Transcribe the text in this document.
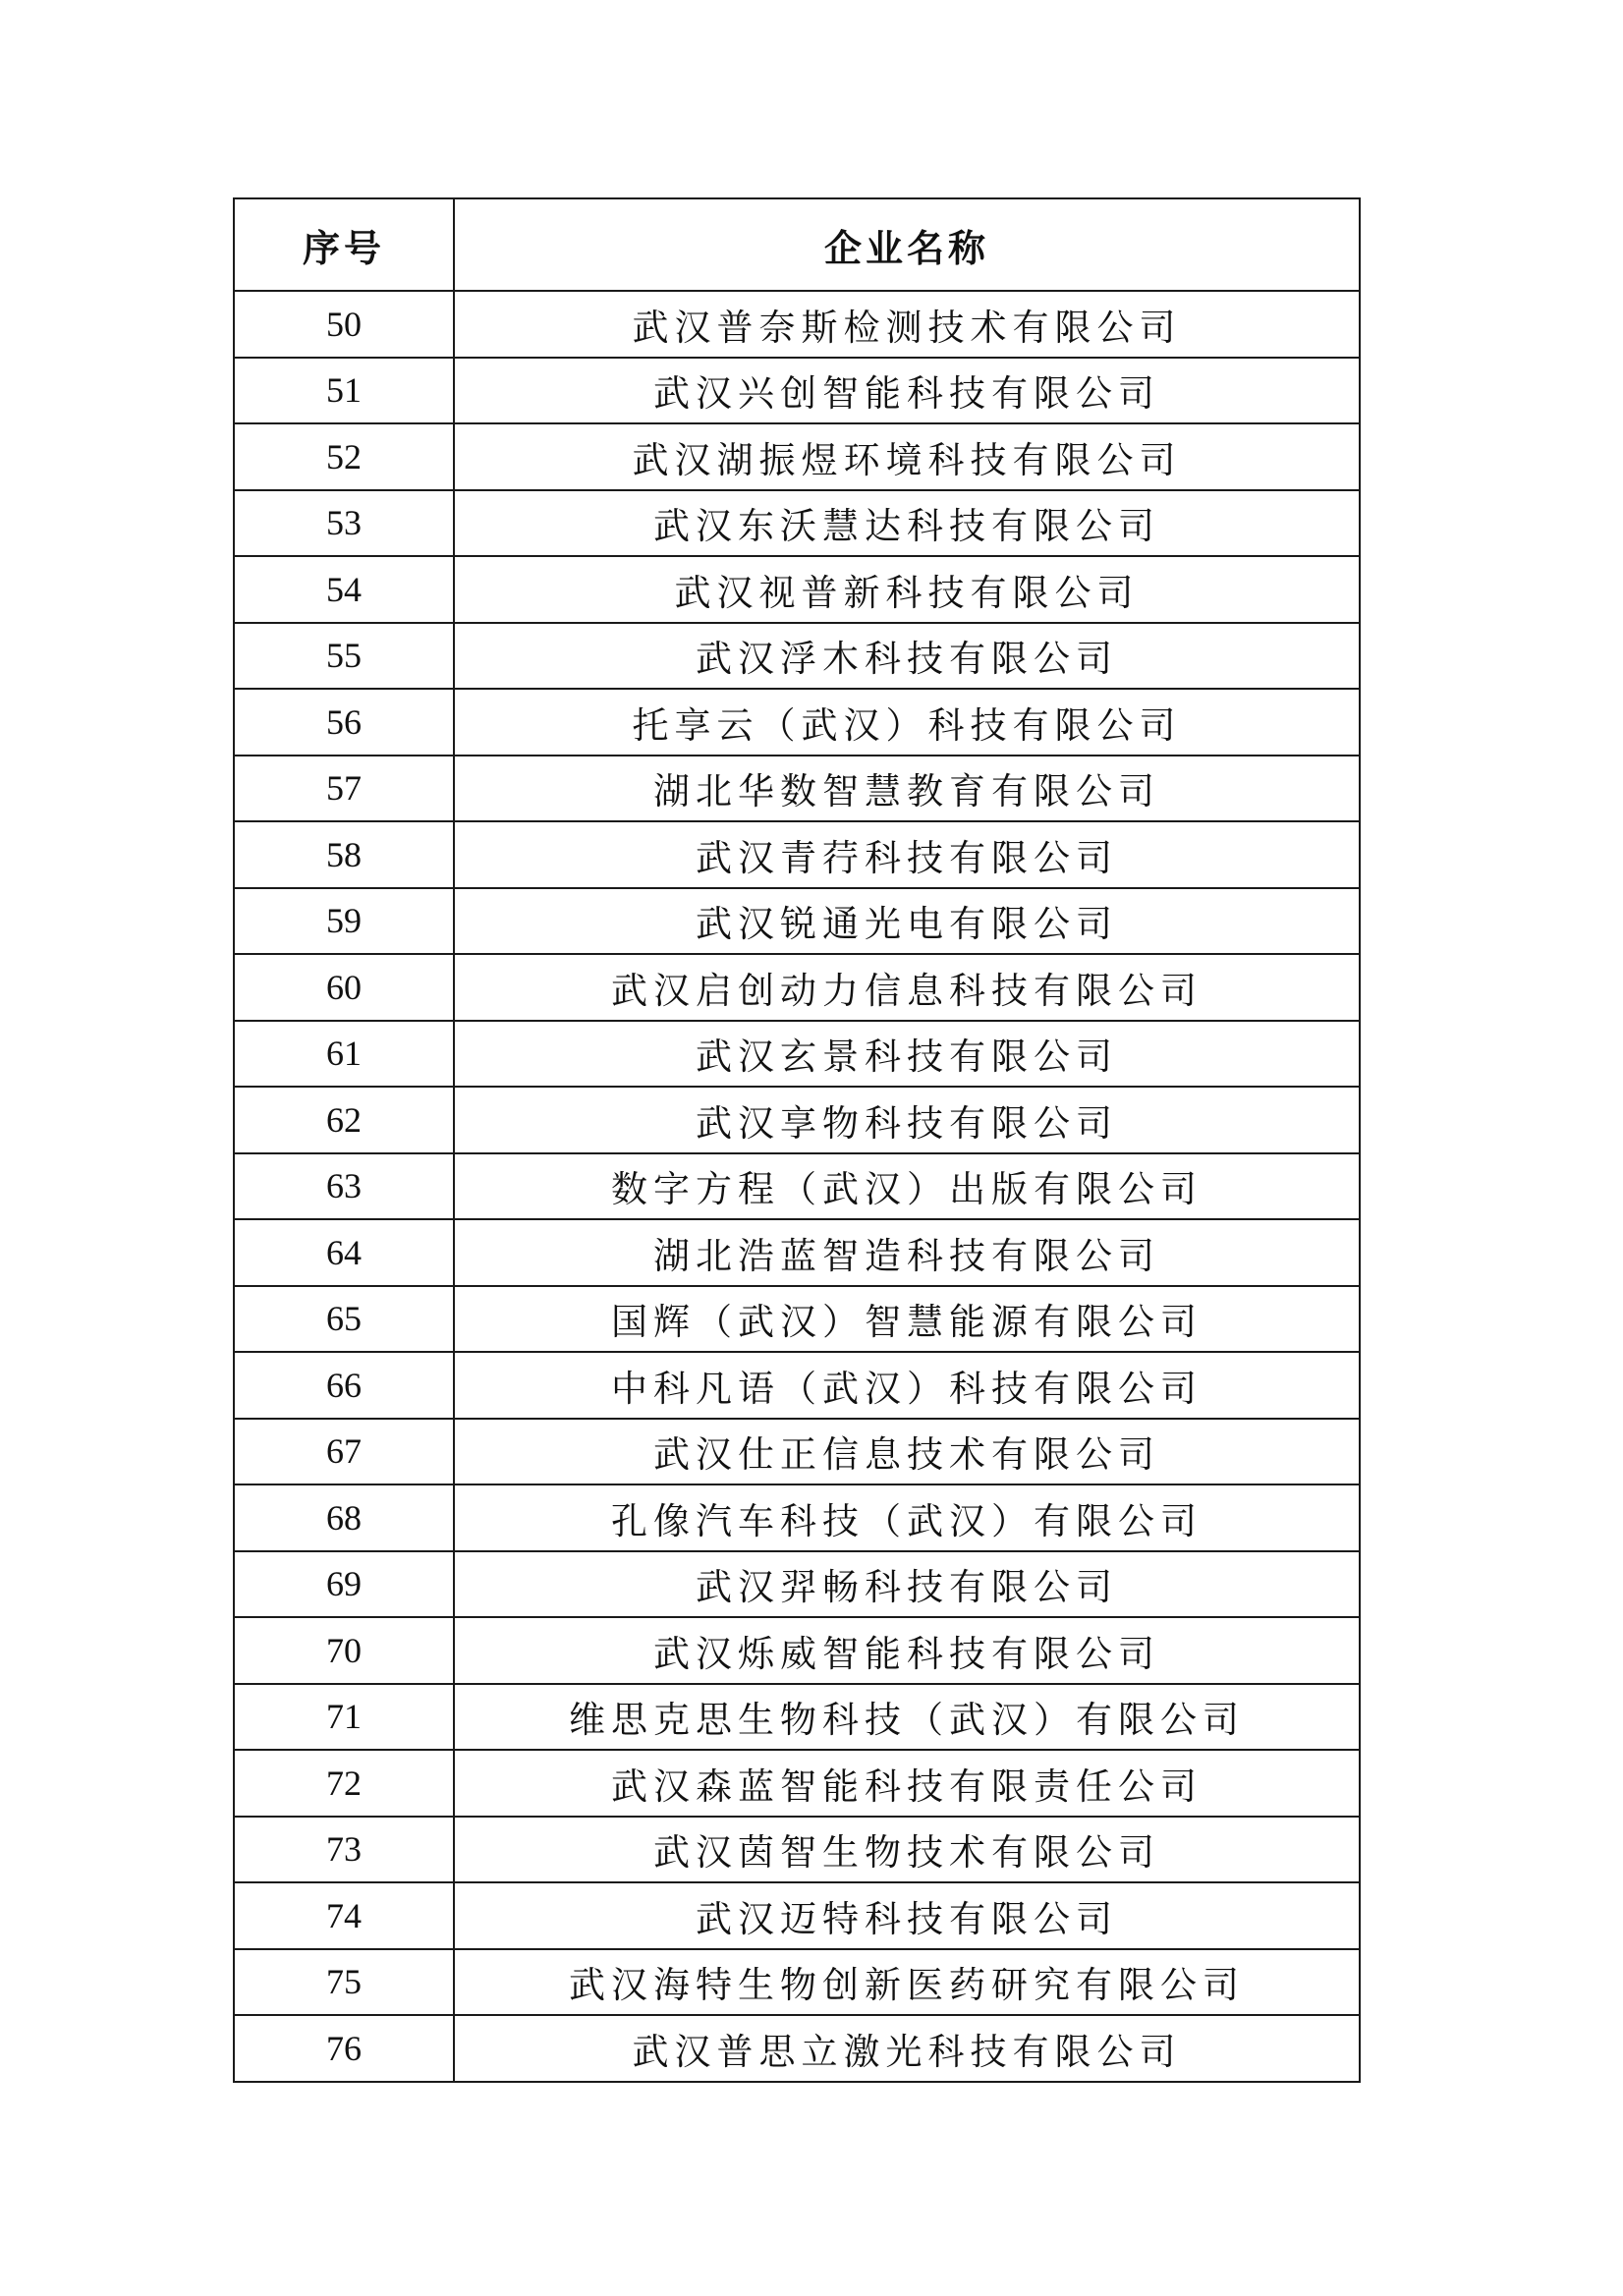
序号	企业名称
50	武汉普奈斯检测技术有限公司
51	武汉兴创智能科技有限公司
52	武汉湖振煜环境科技有限公司
53	武汉东沃慧达科技有限公司
54	武汉视普新科技有限公司
55	武汉浮木科技有限公司
56	托享云（武汉）科技有限公司
57	湖北华数智慧教育有限公司
58	武汉青荇科技有限公司
59	武汉锐通光电有限公司
60	武汉启创动力信息科技有限公司
61	武汉玄景科技有限公司
62	武汉享物科技有限公司
63	数字方程（武汉）出版有限公司
64	湖北浩蓝智造科技有限公司
65	国辉（武汉）智慧能源有限公司
66	中科凡语（武汉）科技有限公司
67	武汉仕正信息技术有限公司
68	孔像汽车科技（武汉）有限公司
69	武汉羿畅科技有限公司
70	武汉烁威智能科技有限公司
71	维思克思生物科技（武汉）有限公司
72	武汉森蓝智能科技有限责任公司
73	武汉茵智生物技术有限公司
74	武汉迈特科技有限公司
75	武汉海特生物创新医药研究有限公司
76	武汉普思立激光科技有限公司
